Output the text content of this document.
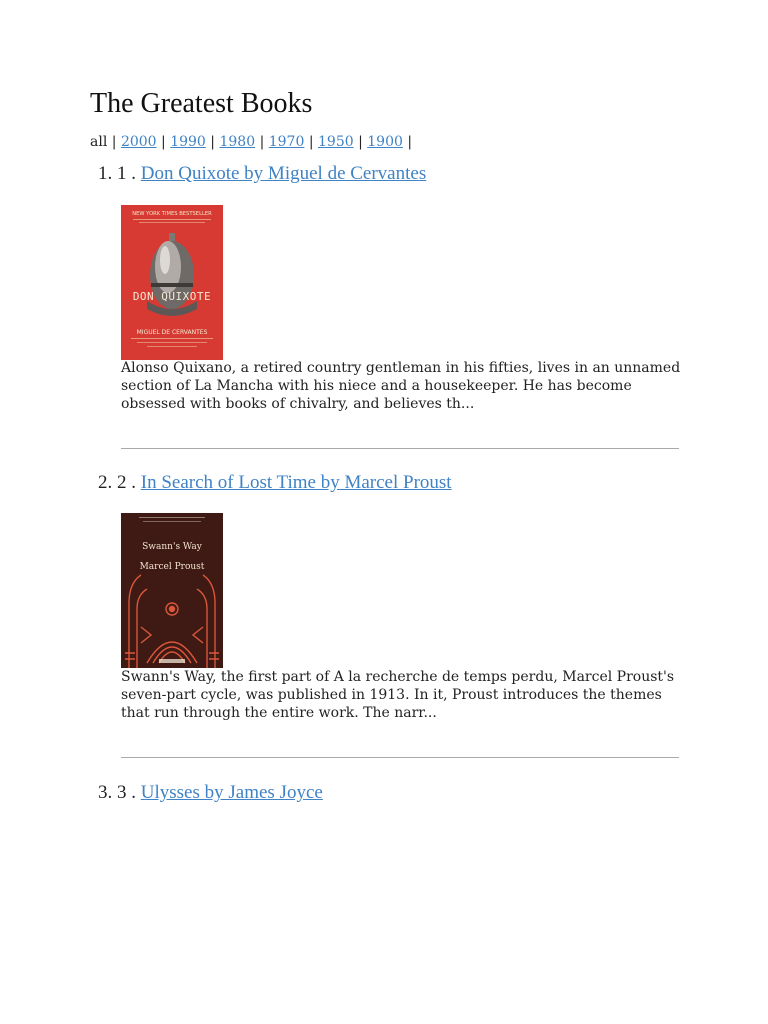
The Greatest Books
all | 2000 | 1990 | 1980 | 1970 | 1950 | 1900 |
1. 1 . Don Quixote by Miguel de Cervantes
NEW YORK TIMES BESTSELLER
DON QUIXOTE
MIGUEL DE CERVANTES
Alonso Quixano, a retired country gentleman in his fifties, lives in an unnamed section of La Mancha with his niece and a housekeeper. He has become obsessed with books of chivalry, and believes th...
2. 2 . In Search of Lost Time by Marcel Proust
Swann's Way
Marcel Proust
Swann's Way, the first part of A la recherche de temps perdu, Marcel Proust's seven-part cycle, was published in 1913. In it, Proust introduces the themes that run through the entire work. The narr...
3. 3 . Ulysses by James Joyce
